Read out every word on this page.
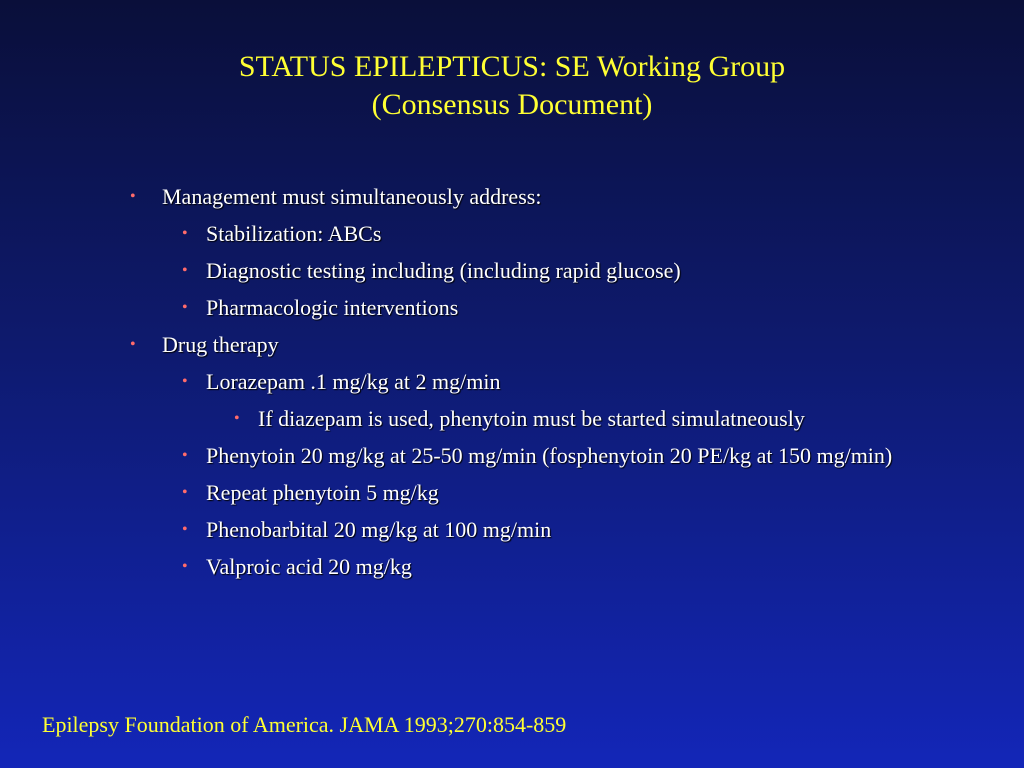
STATUS EPILEPTICUS: SE Working Group
(Consensus Document)
• Management must simultaneously address:
• Stabilization: ABCs
• Diagnostic testing including (including rapid glucose)
• Pharmacologic interventions
• Drug therapy
• Lorazepam .1 mg/kg at 2 mg/min
• If diazepam is used, phenytoin must be started simulatneously
• Phenytoin 20 mg/kg at 25-50 mg/min (fosphenytoin 20 PE/kg at 150 mg/min)
• Repeat phenytoin 5 mg/kg
• Phenobarbital 20 mg/kg at 100 mg/min
• Valproic acid 20 mg/kg
Epilepsy Foundation of America. JAMA 1993;270:854-859
